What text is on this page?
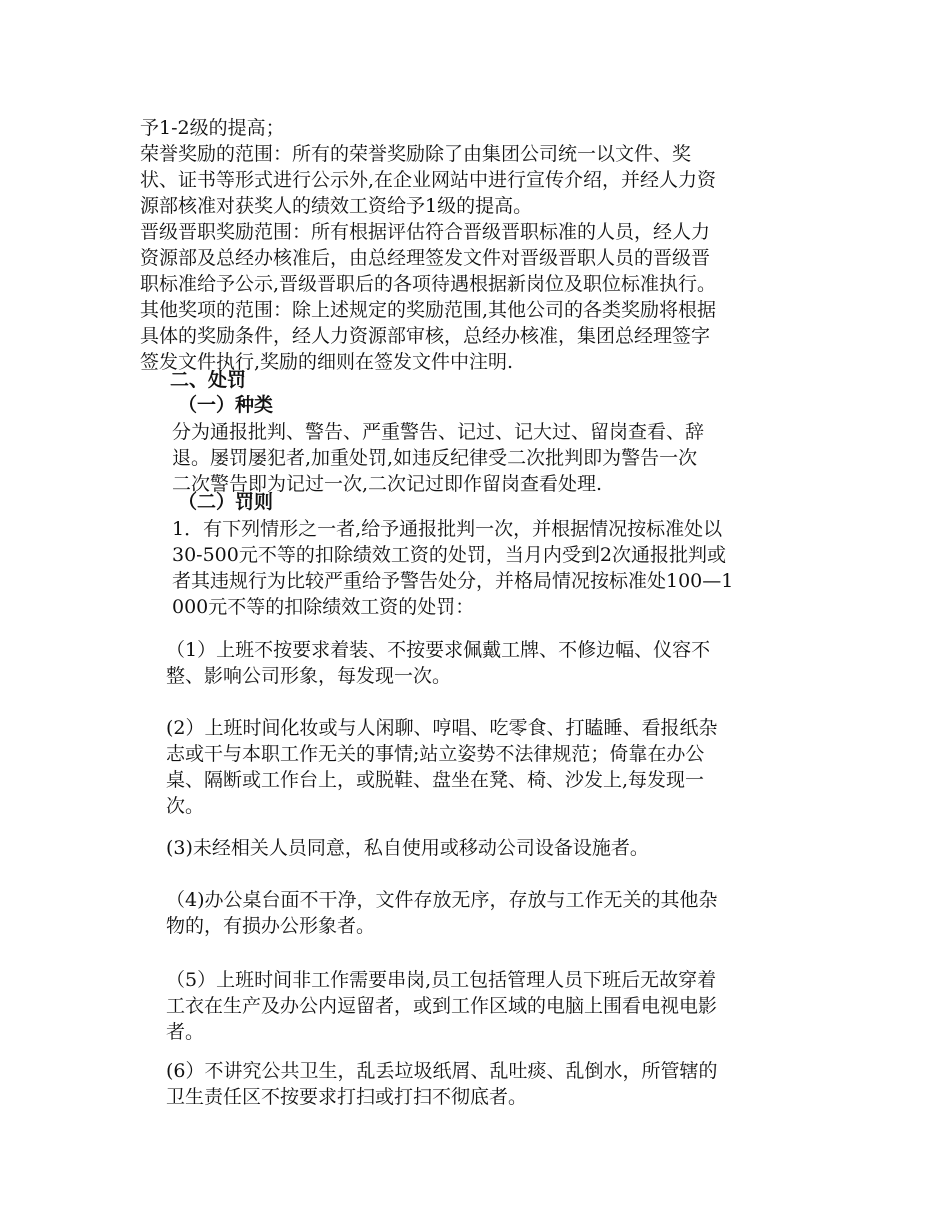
予1-2级的提高；

荣誉奖励的范围：所有的荣誉奖励除了由集团公司统一以文件、奖
状、证书等形式进行公示外,在企业网站中进行宣传介绍，并经人力资
源部核准对获奖人的绩效工资给予1级的提高。

晋级晋职奖励范围：所有根据评估符合晋级晋职标准的人员，经人力
资源部及总经办核准后，由总经理签发文件对晋级晋职人员的晋级晋
职标准给予公示,晋级晋职后的各项待遇根据新岗位及职位标准执行。

其他奖项的范围：除上述规定的奖励范围,其他公司的各类奖励将根据
具体的奖励条件，经人力资源部审核，总经办核准，集团总经理签字
签发文件执行,奖励的细则在签发文件中注明.

二、处罚
（一）种类

分为通报批判、警告、严重警告、记过、记大过、留岗查看、辞
退。屡罚屡犯者,加重处罚,如违反纪律受二次批判即为警告一次
二次警告即为记过一次,二次记过即作留岗查看处理.

（二）罚则

1．有下列情形之一者,给予通报批判一次，并根据情况按标准处以
30-500元不等的扣除绩效工资的处罚，当月内受到2次通报批判或
者其违规行为比较严重给予警告处分，并格局情况按标准处100—1
000元不等的扣除绩效工资的处罚：

（1）上班不按要求着装、不按要求佩戴工牌、不修边幅、仪容不
整、影响公司形象，每发现一次。

(2）上班时间化妆或与人闲聊、哼唱、吃零食、打瞌睡、看报纸杂
志或干与本职工作无关的事情;站立姿势不法律规范；倚靠在办公
桌、隔断或工作台上，或脱鞋、盘坐在凳、椅、沙发上,每发现一
次。

(3)未经相关人员同意，私自使用或移动公司设备设施者。

（4)办公桌台面不干净，文件存放无序，存放与工作无关的其他杂
物的，有损办公形象者。

（5）上班时间非工作需要串岗,员工包括管理人员下班后无故穿着
工衣在生产及办公内逗留者，或到工作区域的电脑上围看电视电影
者。

(6）不讲究公共卫生，乱丢垃圾纸屑、乱吐痰、乱倒水，所管辖的
卫生责任区不按要求打扫或打扫不彻底者。
